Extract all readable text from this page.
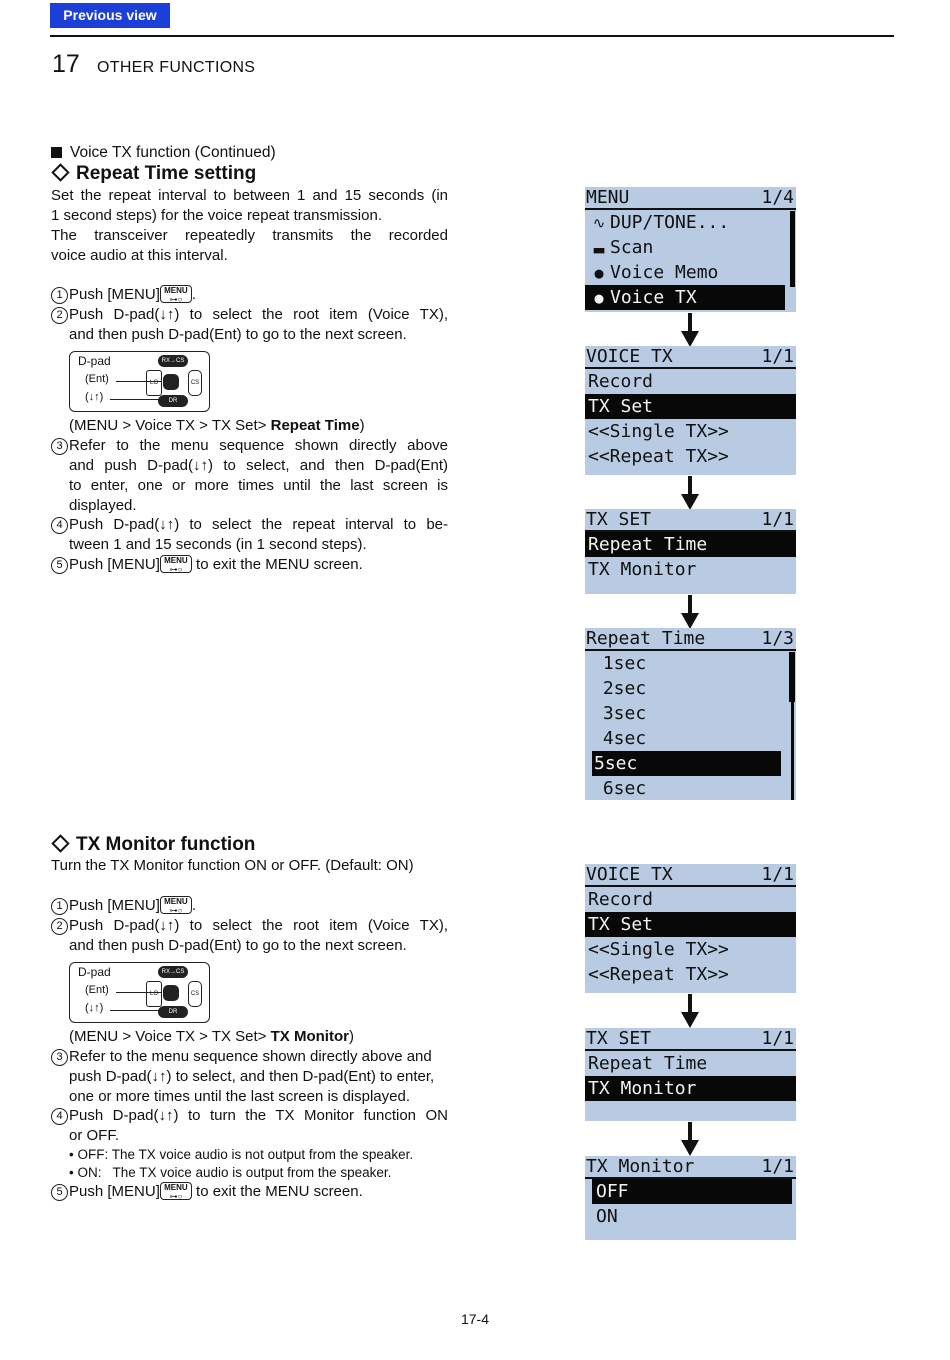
Previous view
17 OTHER FUNCTIONS
Voice TX function (Continued)
Repeat Time setting
Set the repeat interval to between 1 and 15 seconds (in
1 second steps) for the voice repeat transmission.
The transceiver repeatedly transmits the recorded
voice audio at this interval.
1 Push [MENU] MENU
⊶○ .
2 Push D-pad(↓↑) to select the root item (Voice TX),
and then push D-pad(Ent) to go to the next screen.
D-pad
(Ent)
(↓↑)
RX→CS
LO	CS
DR
(MENU > Voice TX > TX Set> Repeat Time)
3 Refer to the menu sequence shown directly above
and push D-pad(↓↑) to select, and then D-pad(Ent)
to enter, one or more times until the last screen is
displayed.
4 Push D-pad(↓↑) to select the repeat interval to be-
tween 1 and 15 seconds (in 1 second steps).
5 Push [MENU] MENU
⊶○ to exit the MENU screen.
TX Monitor function
Turn the TX Monitor function ON or OFF. (Default: ON)
1 Push [MENU] MENU
⊶○ .
2 Push D-pad(↓↑) to select the root item (Voice TX),
and then push D-pad(Ent) to go to the next screen.
D-pad
(Ent)
(↓↑)
RX→CS
LO	CS
DR
(MENU > Voice TX > TX Set> TX Monitor)
3 Refer to the menu sequence shown directly above and
push D-pad(↓↑) to select, and then D-pad(Ent) to enter,
one or more times until the last screen is displayed.
4 Push D-pad(↓↑) to turn the TX Monitor function ON
or OFF.
• OFF: The TX voice audio is not output from the speaker.
• ON:   The TX voice audio is output from the speaker.
5 Push [MENU] MENU
⊶○ to exit the MENU screen.
MENU	1/4
∿ DUP/TONE...
■■ Scan
● Voice Memo
● Voice TX
VOICE TX	1/1
Record
TX Set
<<Single TX>>
<<Repeat TX>>
TX SET	1/1
Repeat Time
TX Monitor
Repeat Time	1/3
1sec
2sec
3sec
4sec
5sec
6sec
VOICE TX	1/1
Record
TX Set
<<Single TX>>
<<Repeat TX>>
TX SET	1/1
Repeat Time
TX Monitor
TX Monitor	1/1
OFF
ON
17-4
